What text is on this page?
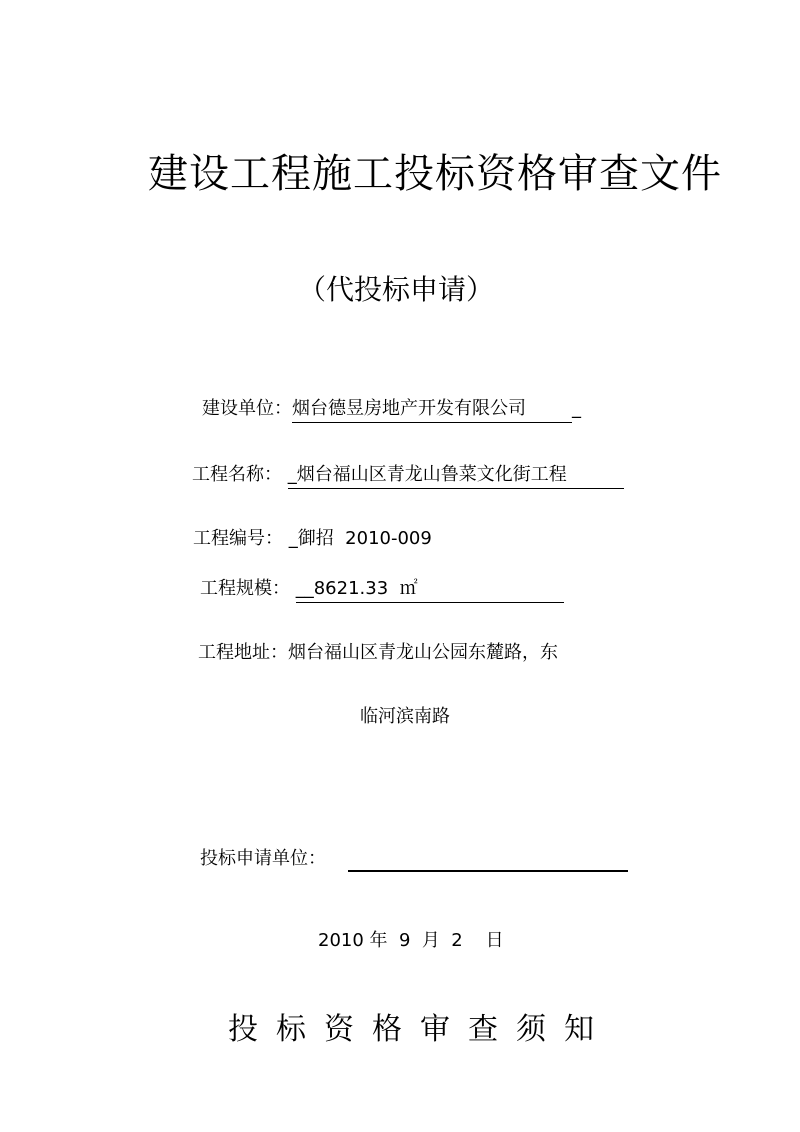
建设工程施工投标资格审查文件
（代投标申请）
建设单位：烟台德昱房地产开发有限公司	_
工程名称： _烟台福山区青龙山鲁菜文化街工程
工程编号： _御招  2010-009
工程规模： __8621.33  ㎡
工程地址：烟台福山区青龙山公园东麓路，东
临河滨南路
投标申请单位：
2010 年  9  月  2    日
投标资格审查须知
